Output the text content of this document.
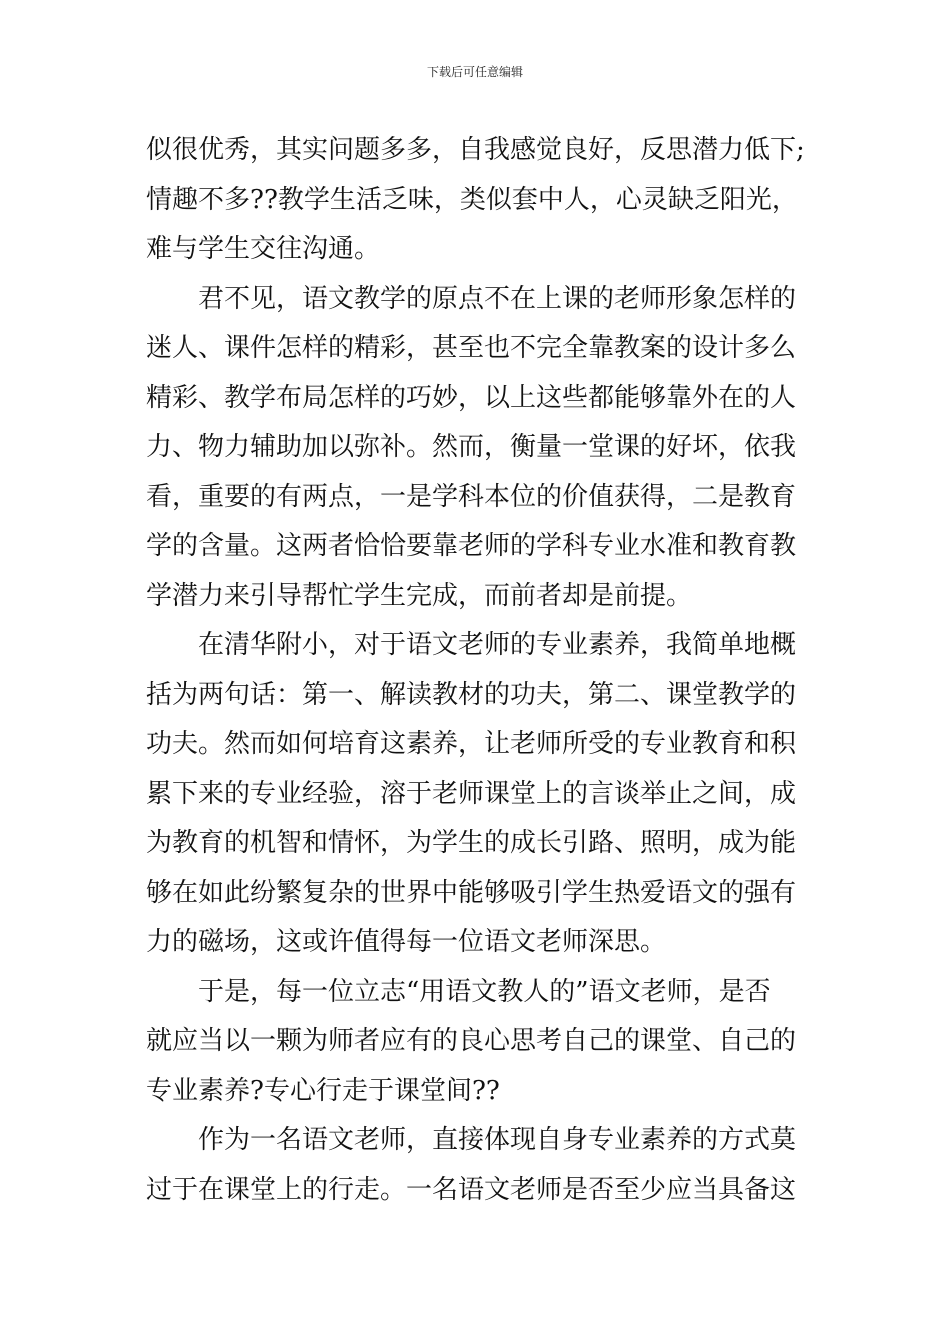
下载后可任意编辑

似很优秀，其实问题多多，自我感觉良好，反思潜力低下;
情趣不多??教学生活乏味，类似套中人，心灵缺乏阳光，
难与学生交往沟通。

君不见，语文教学的原点不在上课的老师形象怎样的
迷人、课件怎样的精彩，甚至也不完全靠教案的设计多么
精彩、教学布局怎样的巧妙，以上这些都能够靠外在的人
力、物力辅助加以弥补。然而，衡量一堂课的好坏，依我
看，重要的有两点，一是学科本位的价值获得，二是教育
学的含量。这两者恰恰要靠老师的学科专业水准和教育教
学潜力来引导帮忙学生完成，而前者却是前提。

在清华附小，对于语文老师的专业素养，我简单地概
括为两句话：第一、解读教材的功夫，第二、课堂教学的
功夫。然而如何培育这素养，让老师所受的专业教育和积
累下来的专业经验，溶于老师课堂上的言谈举止之间，成
为教育的机智和情怀，为学生的成长引路、照明，成为能
够在如此纷繁复杂的世界中能够吸引学生热爱语文的强有
力的磁场，这或许值得每一位语文老师深思。

于是，每一位立志“用语文教人的”语文老师，是否
就应当以一颗为师者应有的良心思考自己的课堂、自己的
专业素养?专心行走于课堂间??

作为一名语文老师，直接体现自身专业素养的方式莫
过于在课堂上的行走。一名语文老师是否至少应当具备这
